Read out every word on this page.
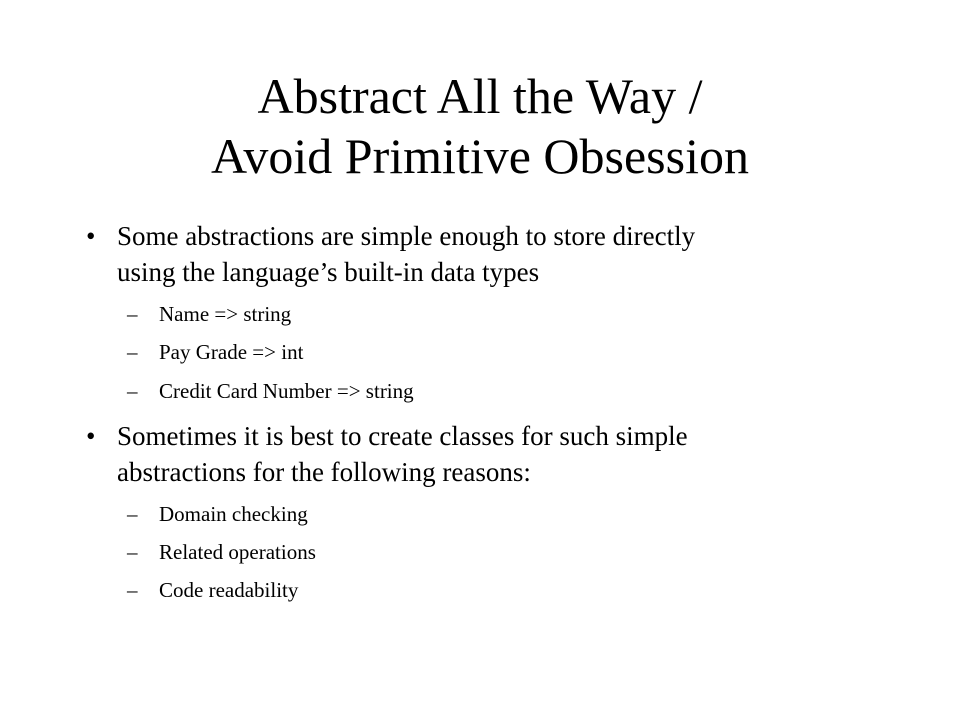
Abstract All the Way /
Avoid Primitive Obsession
• Some abstractions are simple enough to store directly
using the language’s built-in data types
– Name => string
– Pay Grade => int
– Credit Card Number => string
• Sometimes it is best to create classes for such simple
abstractions for the following reasons:
– Domain checking
– Related operations
– Code readability
